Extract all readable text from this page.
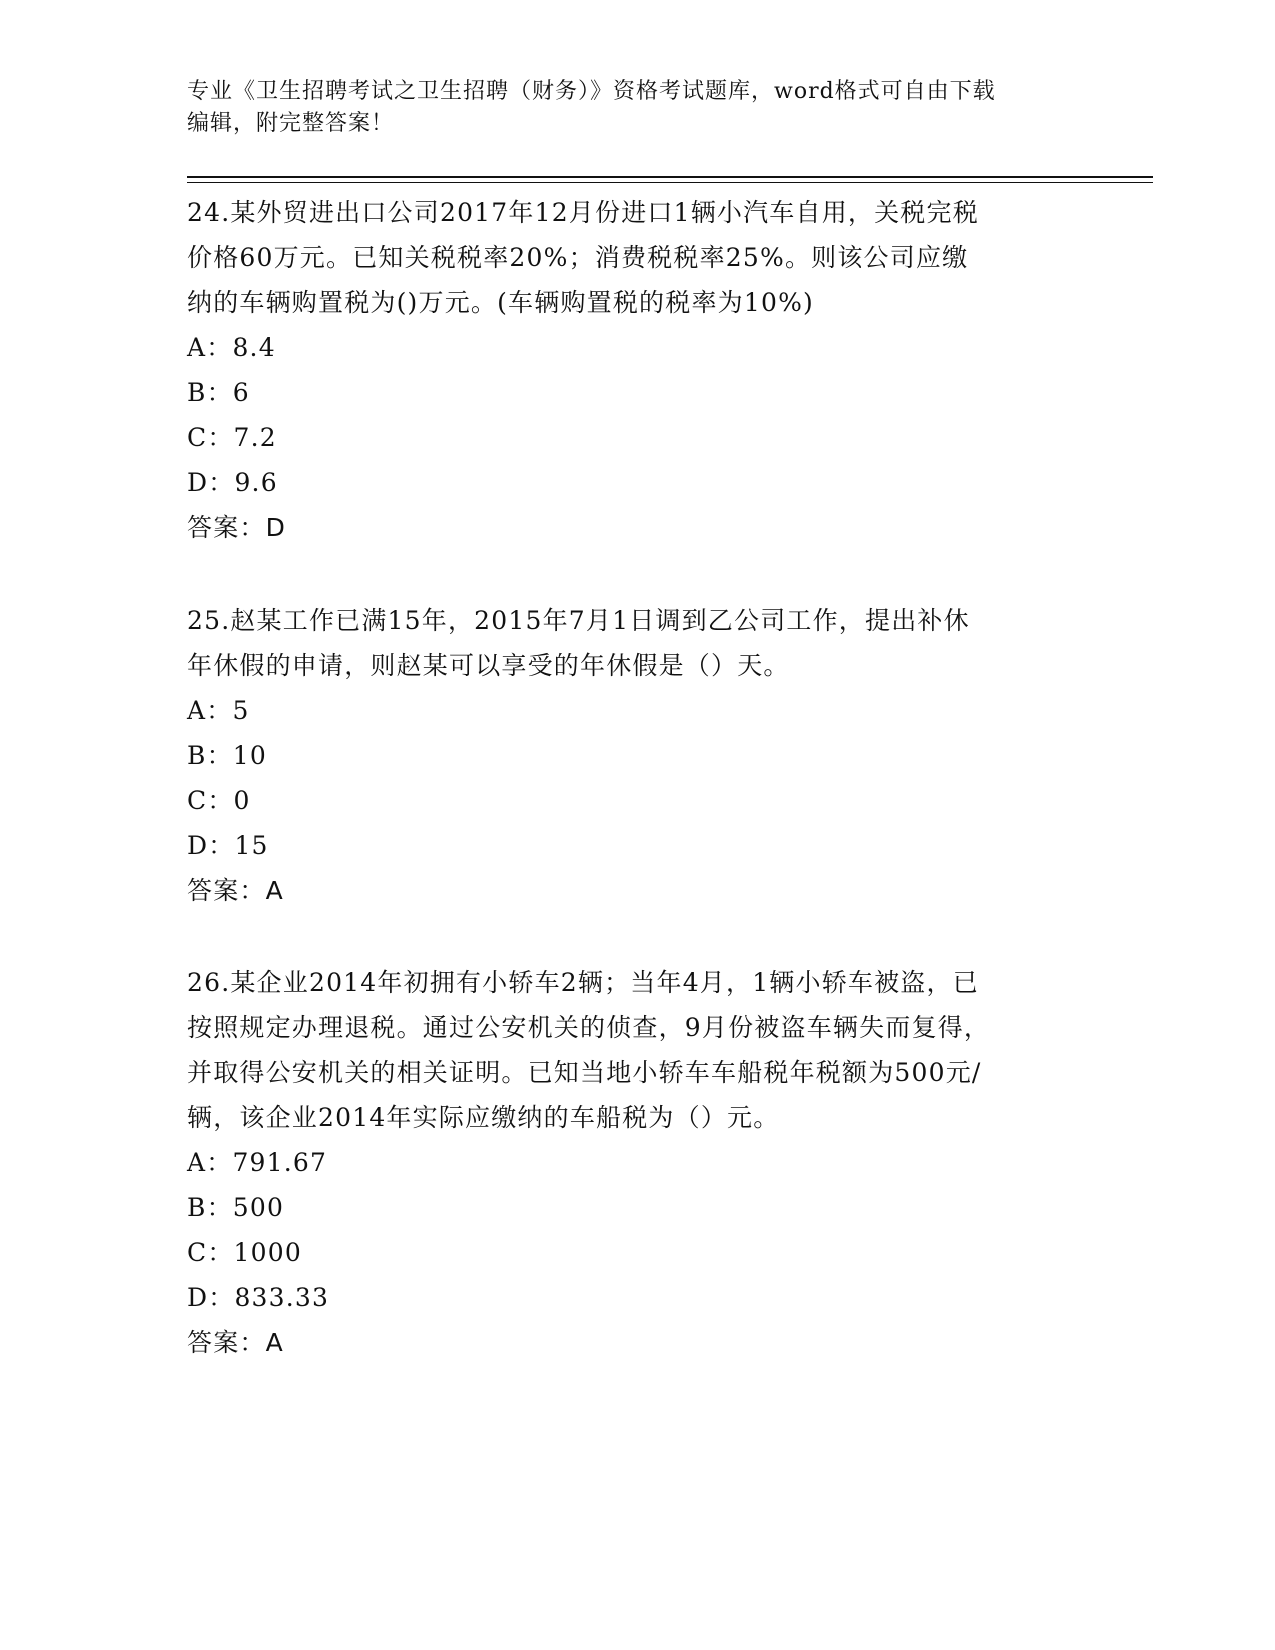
专业《卫生招聘考试之卫生招聘（财务）》资格考试题库，word格式可自由下载
编辑，附完整答案！
24.某外贸进出口公司2017年12月份进口1辆小汽车自用，关税完税
价格60万元。已知关税税率20%；消费税税率25%。则该公司应缴
纳的车辆购置税为()万元。(车辆购置税的税率为10%)
A：8.4
B：6
C：7.2
D：9.6
答案：D
25.赵某工作已满15年，2015年7月1日调到乙公司工作，提出补休
年休假的申请，则赵某可以享受的年休假是（）天。
A：5
B：10
C：0
D：15
答案：A
26.某企业2014年初拥有小轿车2辆；当年4月，1辆小轿车被盗，已
按照规定办理退税。通过公安机关的侦查，9月份被盗车辆失而复得，
并取得公安机关的相关证明。已知当地小轿车车船税年税额为500元/
辆，该企业2014年实际应缴纳的车船税为（）元。
A：791.67
B：500
C：1000
D：833.33
答案：A
